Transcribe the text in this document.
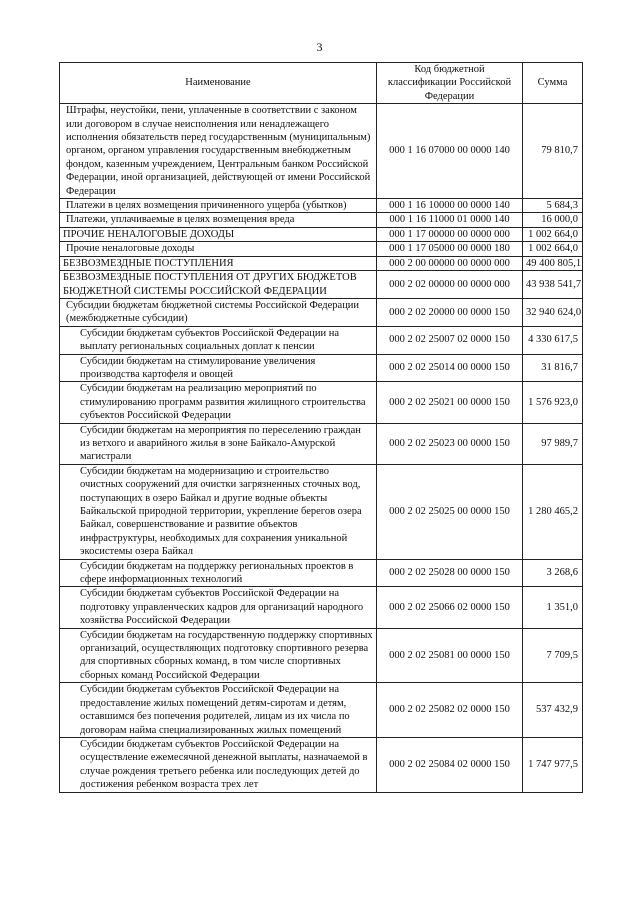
3
Наименование	Код бюджетной классификации Российской Федерации	Сумма
Штрафы, неустойки, пени, уплаченные в соответствии с законом или договором в случае неисполнения или ненадлежащего исполнения обязательств перед государственным (муниципальным) органом, органом управления государственным внебюджетным фондом, казенным учреждением, Центральным банком Российской Федерации, иной организацией, действующей от имени Российской Федерации	000 1 16 07000 00 0000 140	79 810,7
Платежи в целях возмещения причиненного ущерба (убытков)	000 1 16 10000 00 0000 140	5 684,3
Платежи, уплачиваемые в целях возмещения вреда	000 1 16 11000 01 0000 140	16 000,0
ПРОЧИЕ НЕНАЛОГОВЫЕ ДОХОДЫ	000 1 17 00000 00 0000 000	1 002 664,0
Прочие неналоговые доходы	000 1 17 05000 00 0000 180	1 002 664,0
БЕЗВОЗМЕЗДНЫЕ ПОСТУПЛЕНИЯ	000 2 00 00000 00 0000 000	49 400 805,1
БЕЗВОЗМЕЗДНЫЕ ПОСТУПЛЕНИЯ ОТ ДРУГИХ БЮДЖЕТОВ БЮДЖЕТНОЙ СИСТЕМЫ РОССИЙСКОЙ ФЕДЕРАЦИИ	000 2 02 00000 00 0000 000	43 938 541,7
Субсидии бюджетам бюджетной системы Российской Федерации (межбюджетные субсидии)	000 2 02 20000 00 0000 150	32 940 624,0
Субсидии бюджетам субъектов Российской Федерации на выплату региональных социальных доплат к пенсии	000 2 02 25007 02 0000 150	4 330 617,5
Субсидии бюджетам на стимулирование увеличения производства картофеля и овощей	000 2 02 25014 00 0000 150	31 816,7
Субсидии бюджетам на реализацию мероприятий по стимулированию программ развития жилищного строительства субъектов Российской Федерации	000 2 02 25021 00 0000 150	1 576 923,0
Субсидии бюджетам на мероприятия по переселению граждан из ветхого и аварийного жилья в зоне Байкало-Амурской магистрали	000 2 02 25023 00 0000 150	97 989,7
Субсидии бюджетам на модернизацию и строительство очистных сооружений для очистки загрязненных сточных вод, поступающих в озеро Байкал и другие водные объекты Байкальской природной территории, укрепление берегов озера Байкал, совершенствование и развитие объектов инфраструктуры, необходимых для сохранения уникальной экосистемы озера Байкал	000 2 02 25025 00 0000 150	1 280 465,2
Субсидии бюджетам на поддержку региональных проектов в сфере информационных технологий	000 2 02 25028 00 0000 150	3 268,6
Субсидии бюджетам субъектов Российской Федерации на подготовку управленческих кадров для организаций народного хозяйства Российской Федерации	000 2 02 25066 02 0000 150	1 351,0
Субсидии бюджетам на государственную поддержку спортивных организаций, осуществляющих подготовку спортивного резерва для спортивных сборных команд, в том числе спортивных сборных команд Российской Федерации	000 2 02 25081 00 0000 150	7 709,5
Субсидии бюджетам субъектов Российской Федерации на предоставление жилых помещений детям-сиротам и детям, оставшимся без попечения родителей, лицам из их числа по договорам найма специализированных жилых помещений	000 2 02 25082 02 0000 150	537 432,9
Субсидии бюджетам субъектов Российской Федерации на осуществление ежемесячной денежной выплаты, назначаемой в случае рождения третьего ребенка или последующих детей до достижения ребенком возраста трех лет	000 2 02 25084 02 0000 150	1 747 977,5
